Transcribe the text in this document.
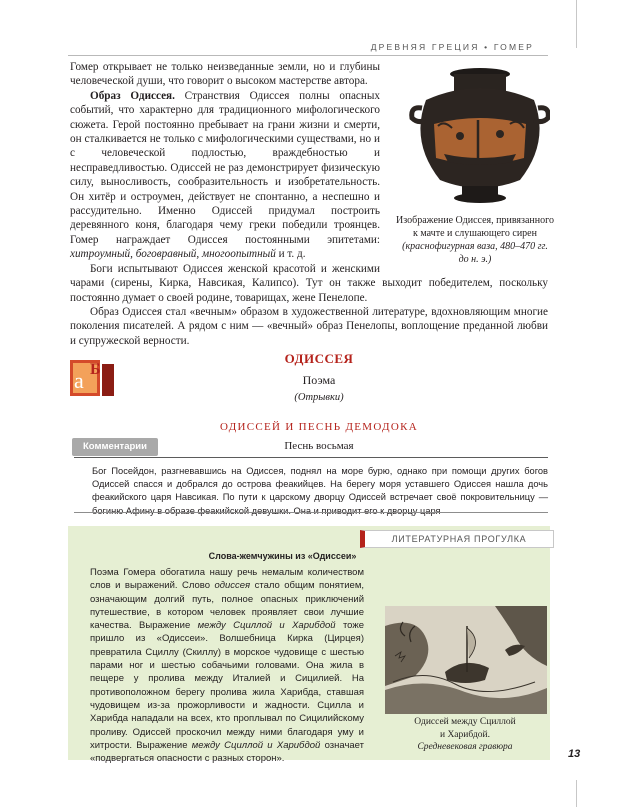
ДРЕВНЯЯ ГРЕЦИЯ • ГОМЕР

Гомер открывает не только неизведанные земли, но и глубины человеческой души, что говорит о высоком мастерстве автора.

Образ Одиссея. Странствия Одиссея полны опасных событий, что характерно для традиционного мифологического сюжета. Герой постоянно пребывает на грани жизни и смерти, он сталкивается не только с мифологическими существами, но и с человеческой подлостью, враждебностью и несправедливостью. Одиссей не раз демонстрирует физическую силу, выносливость, сообразительность и изобретательность. Он хитёр и остроумен, действует не спонтанно, а неспешно и рассудительно. Именно Одиссей придумал построить деревянного коня, благодаря чему греки победили троянцев. Гомер награждает Одиссея постоянными эпитетами: хитроумный, боговравный, многоопытный и т. д.

Боги испытывают Одиссея женской красотой и женскими чарами (сирены, Кирка, Навсикая, Калипсо). Тут он также выходит победителем, поскольку постоянно думает о своей родине, товарищах, жене Пенелопе.

Образ Одиссея стал «вечным» образом в художественной литературе, вдохновляющим многие поколения писателей. А рядом с ним — «вечный» образ Пенелопы, воплощение преданной любви и супружеской верности.

Изображение Одиссея, привязанного к мачте и слушающего сирен (краснофигурная ваза, 480–470 гг. до н. э.)
а Б
ОДИССЕЯ
Поэма
(Отрывки)
ОДИССЕЙ И ПЕСНЬ ДЕМОДОКА
Песнь восьмая
Комментарии
Бог Посейдон, разгневавшись на Одиссея, поднял на море бурю, однако при помощи других богов Одиссей спасся и добрался до острова феакийцев. На берегу моря уставшего Одиссея нашла дочь феакийского царя Навсикая. По пути к царскому дворцу Одиссей встречает своё покровительницу — богиню Афину в образе феакийской девушки. Она и приводит его к дворцу царя
ЛИТЕРАТУРНАЯ ПРОГУЛКА
Слова-жемчужины из «Одиссеи»

Поэма Гомера обогатила нашу речь немалым количеством слов и выражений. Слово одиссея стало общим понятием, означающим долгий путь, полное опасных приключений путешествие, в котором человек проявляет свои лучшие качества. Выражение между Сциллой и Харибдой тоже пришло из «Одиссеи». Волшебница Кирка (Цирцея) превратила Сциллу (Скиллу) в морское чудовище с шестью парами ног и шестью собачьими головами. Она жила в пещере у пролива между Италией и Сицилией. На противоположном берегу пролива жила Харибда, ставшая чудовищем из-за прожорливости и жадности. Сцилла и Харибда нападали на всех, кто проплывал по Сицилийскому проливу. Одиссей проскочил между ними благодаря уму и хитрости. Выражение между Сциллой и Харибдой означает «подвергаться опасности с разных сторон».

Одиссей между Сциллой
и Харибдой.
Средневековая гравюра
13
